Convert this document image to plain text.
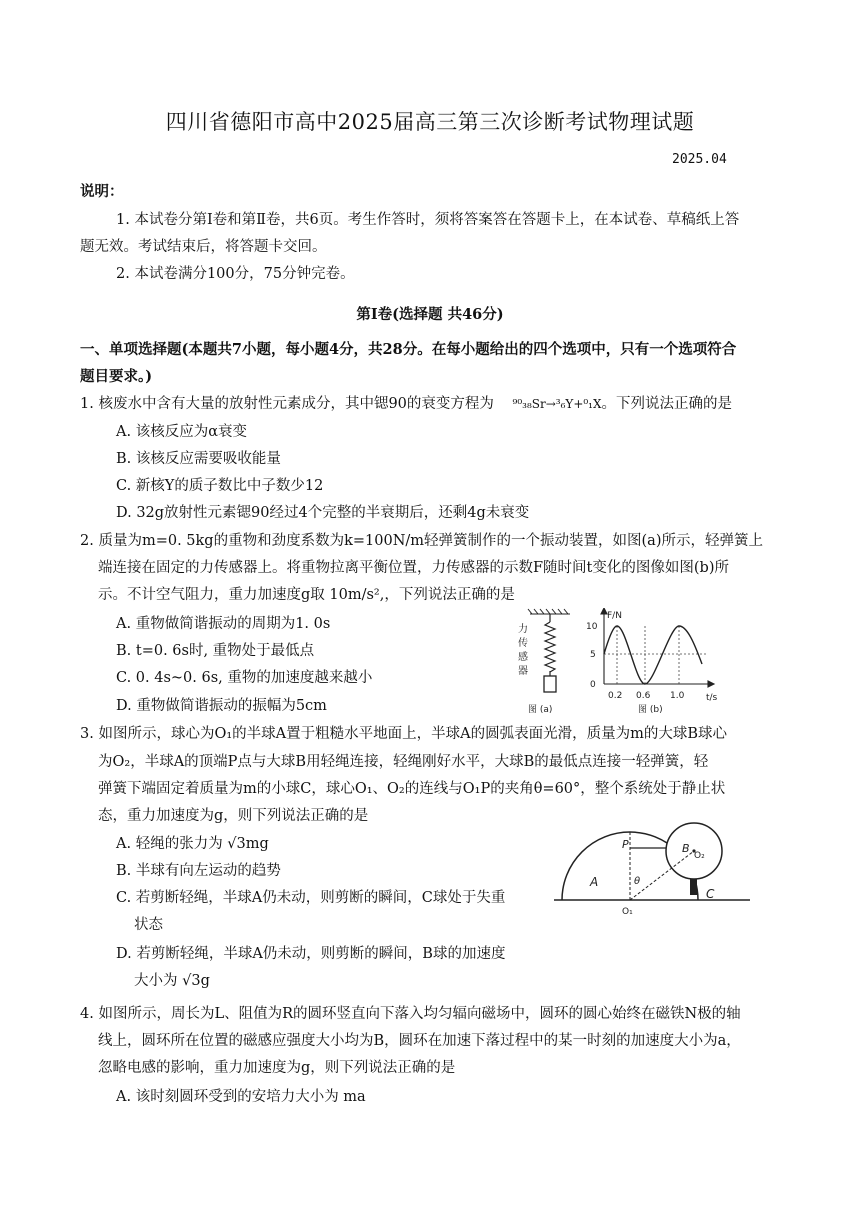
四川省德阳市高中2025届高三第三次诊断考试物理试题
2025.04
说明：
1. 本试卷分第Ⅰ卷和第Ⅱ卷，共6页。考生作答时，须将答案答在答题卡上，在本试卷、草稿纸上答
题无效。考试结束后，将答题卡交回。
2. 本试卷满分100分，75分钟完卷。
第Ⅰ卷(选择题 共46分)
一、单项选择题(本题共7小题，每小题4分，共28分。在每小题给出的四个选项中，只有一个选项符合
题目要求。)
1. 核废水中含有大量的放射性元素成分，其中锶90的衰变方程为 ⁹⁰₃₈Sr→³₆Y+⁰₁X。下列说法正确的是
A. 该核反应为α衰变
B. 该核反应需要吸收能量
C. 新核Y的质子数比中子数少12
D. 32g放射性元素锶90经过4个完整的半衰期后，还剩4g未衰变
2. 质量为m=0. 5kg的重物和劲度系数为k=100N/m轻弹簧制作的一个振动装置，如图(a)所示，轻弹簧上
端连接在固定的力传感器上。将重物拉离平衡位置，力传感器的示数F随时间t变化的图像如图(b)所
示。不计空气阻力，重力加速度g取 10m/s²,，下列说法正确的是
A. 重物做简谐振动的周期为1. 0s
B. t=0. 6s时, 重物处于最低点
C. 0. 4s~0. 6s, 重物的加速度越来越小
D. 重物做简谐振动的振幅为5cm
力
传
感
器
图 (a)
F/N
t/s
10
5
0
0.2 0.6 1.0
图 (b)
3. 如图所示，球心为O₁的半球A置于粗糙水平地面上，半球A的圆弧表面光滑，质量为m的大球B球心
为O₂，半球A的顶端P点与大球B用轻绳连接，轻绳刚好水平，大球B的最低点连接一轻弹簧，轻
弹簧下端固定着质量为m的小球C，球心O₁、O₂的连线与O₁P的夹角θ=60°，整个系统处于静止状
态，重力加速度为g，则下列说法正确的是
A. 轻绳的张力为 √3mg
B. 半球有向左运动的趋势
C. 若剪断轻绳，半球A仍未动，则剪断的瞬间，C球处于失重
状态
D. 若剪断轻绳，半球A仍未动，则剪断的瞬间，B球的加速度
大小为 √3g
A
P	B
O₂
θ
O₁
C
4. 如图所示，周长为L、阻值为R的圆环竖直向下落入均匀辐向磁场中，圆环的圆心始终在磁铁N极的轴
线上，圆环所在位置的磁感应强度大小均为B，圆环在加速下落过程中的某一时刻的加速度大小为a，
忽略电感的影响，重力加速度为g，则下列说法正确的是
A. 该时刻圆环受到的安培力大小为 ma
